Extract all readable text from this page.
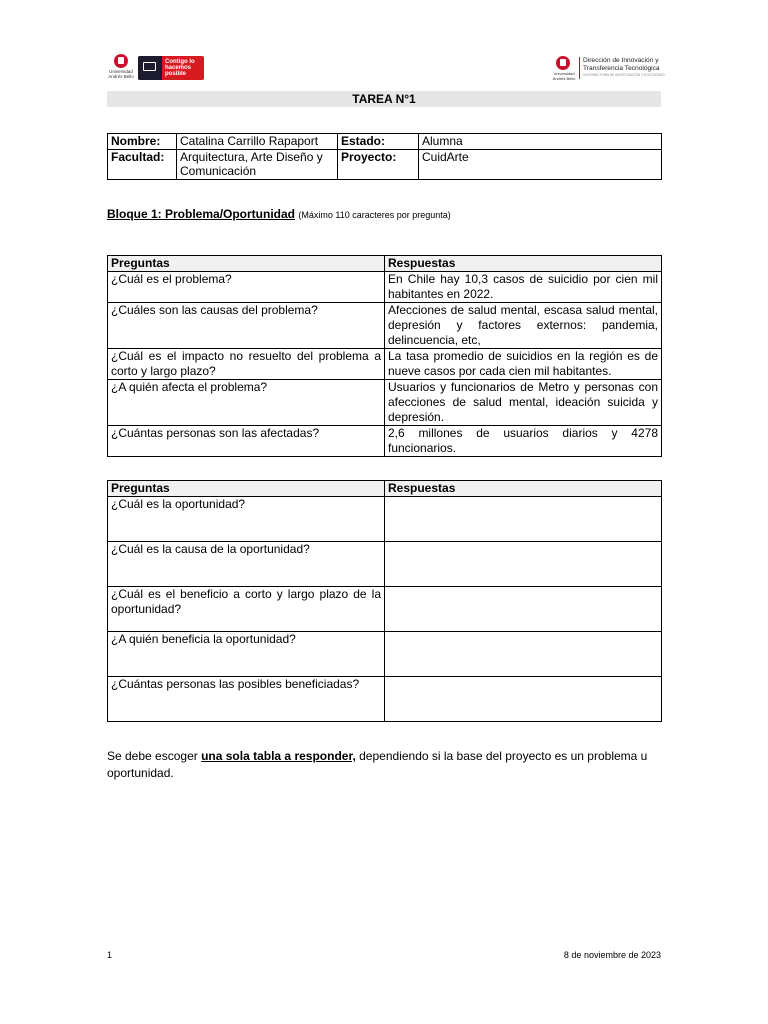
Universidad Andrés Bello
Contigo lo hacemos posible	Universidad Andrés Bello
Dirección de Innovación y Transferencia Tecnológica
VICERRECTORÍA DE INVESTIGACIÓN Y DOCTORADO
TAREA N°1
Nombre:	Catalina Carrillo Rapaport	Estado:	Alumna
Facultad:	Arquitectura, Arte Diseño y Comunicación	Proyecto:	CuidArte
Bloque 1: Problema/Oportunidad (Máximo 110 caracteres por pregunta)
Preguntas	Respuestas
¿Cuál es el problema?	En Chile hay 10,3 casos de suicidio por cien mil habitantes en 2022.
¿Cuáles son las causas del problema?	Afecciones de salud mental, escasa salud mental, depresión y factores externos: pandemia, delincuencia, etc,
¿Cuál es el impacto no resuelto del problema a corto y largo plazo?	La tasa promedio de suicidios en la región es de nueve casos por cada cien mil habitantes.
¿A quién afecta el problema?	Usuarios y funcionarios de Metro y personas con afecciones de salud mental, ideación suicida y depresión.
¿Cuántas personas son las afectadas?	2,6 millones de usuarios diarios y 4278 funcionarios.
Preguntas	Respuestas
¿Cuál es la oportunidad?	
¿Cuál es la causa de la oportunidad?	
¿Cuál es el beneficio a corto y largo plazo de la oportunidad?	
¿A quién beneficia la oportunidad?	
¿Cuántas personas las posibles beneficiadas?	
Se debe escoger una sola tabla a responder, dependiendo si la base del proyecto es un problema u oportunidad.
1	8 de noviembre de 2023
